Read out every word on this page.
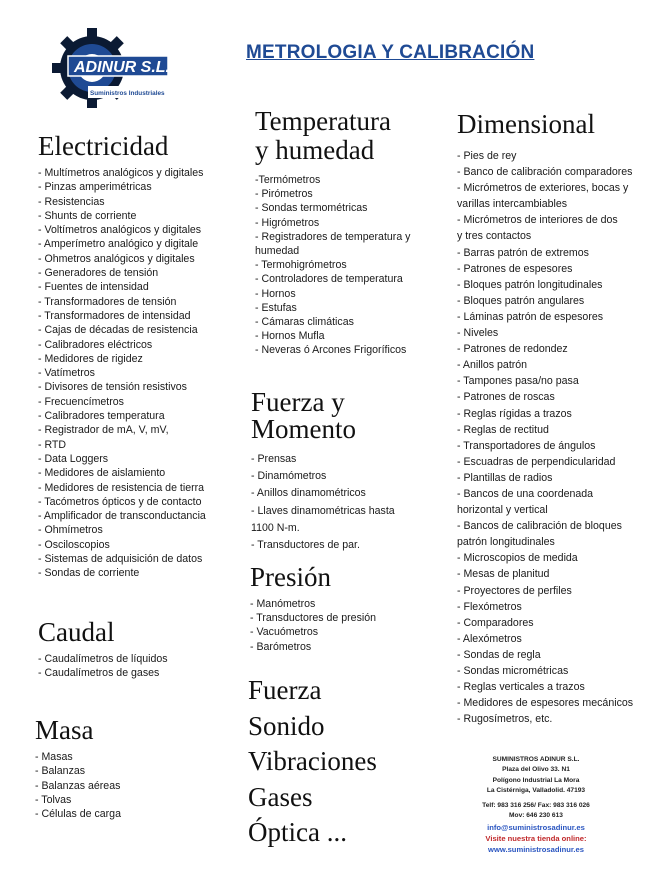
ADINUR S.L.
Suministros Industriales
METROLOGIA Y CALIBRACIÓN
Electricidad
- Multímetros analógicos y digitales
- Pinzas amperimétricas
- Resistencias
- Shunts de corriente
- Voltímetros analógicos y digitales
- Amperímetro analógico y digitale
- Ohmetros analógicos y digitales
- Generadores de tensión
- Fuentes de intensidad
- Transformadores de tensión
- Transformadores de intensidad
- Cajas de décadas de resistencia
- Calibradores eléctricos
- Medidores de rigidez
- Vatímetros
- Divisores de tensión resistivos
- Frecuencímetros
- Calibradores temperatura
- Registrador de mA, V, mV,
- RTD
- Data Loggers
- Medidores de aislamiento
- Medidores de resistencia de tierra
- Tacómetros ópticos y de contacto
- Amplificador de transconductancia
- Ohmímetros
- Osciloscopios
- Sistemas de adquisición de datos
- Sondas de corriente
Caudal
- Caudalímetros de líquidos
- Caudalímetros de gases
Masa
- Masas
- Balanzas
- Balanzas aéreas
- Tolvas
- Células de carga
Temperatura
y humedad
-Termómetros
- Pirómetros
- Sondas termométricas
- Higrómetros
- Registradores de temperatura y
humedad
- Termohigrómetros
- Controladores de temperatura
- Hornos
- Estufas
- Cámaras climáticas
- Hornos Mufla
- Neveras ó Arcones Frigoríficos
Fuerza y
Momento
- Prensas
- Dinamómetros
- Anillos dinamométricos
- Llaves dinamométricas hasta
1100 N-m.
- Transductores de par.
Presión
- Manómetros
- Transductores de presión
- Vacuómetros
- Barómetros
Fuerza
Sonido
Vibraciones
Gases
Óptica ...
Dimensional
- Pies de rey
- Banco de calibración comparadores
- Micrómetros de exteriores, bocas y
varillas intercambiables
- Micrómetros de interiores de dos
y tres contactos
- Barras patrón de extremos
- Patrones de espesores
- Bloques patrón longitudinales
- Bloques patrón angulares
- Láminas patrón de espesores
- Niveles
- Patrones de redondez
- Anillos patrón
- Tampones pasa/no pasa
- Patrones de roscas
- Reglas rígidas a trazos
- Reglas de rectitud
- Transportadores de ángulos
- Escuadras de perpendicularidad
- Plantillas de radios
- Bancos de una coordenada
horizontal y vertical
- Bancos de calibración de bloques
patrón longitudinales
- Microscopios de medida
- Mesas de planitud
- Proyectores de perfiles
- Flexómetros
- Comparadores
- Alexómetros
- Sondas de regla
- Sondas micrométricas
- Reglas verticales a trazos
- Medidores de espesores mecánicos
- Rugosímetros, etc.
SUMINISTROS ADINUR S.L.
Plaza del Olivo 33. N1
Polígono Industrial La Mora
La Cistérniga, Valladolid. 47193
Telf: 983 316 256/ Fax: 983 316 026
Mov: 646 230 613
info@suministrosadinur.es
Visite nuestra tienda online:
www.suministrosadinur.es
